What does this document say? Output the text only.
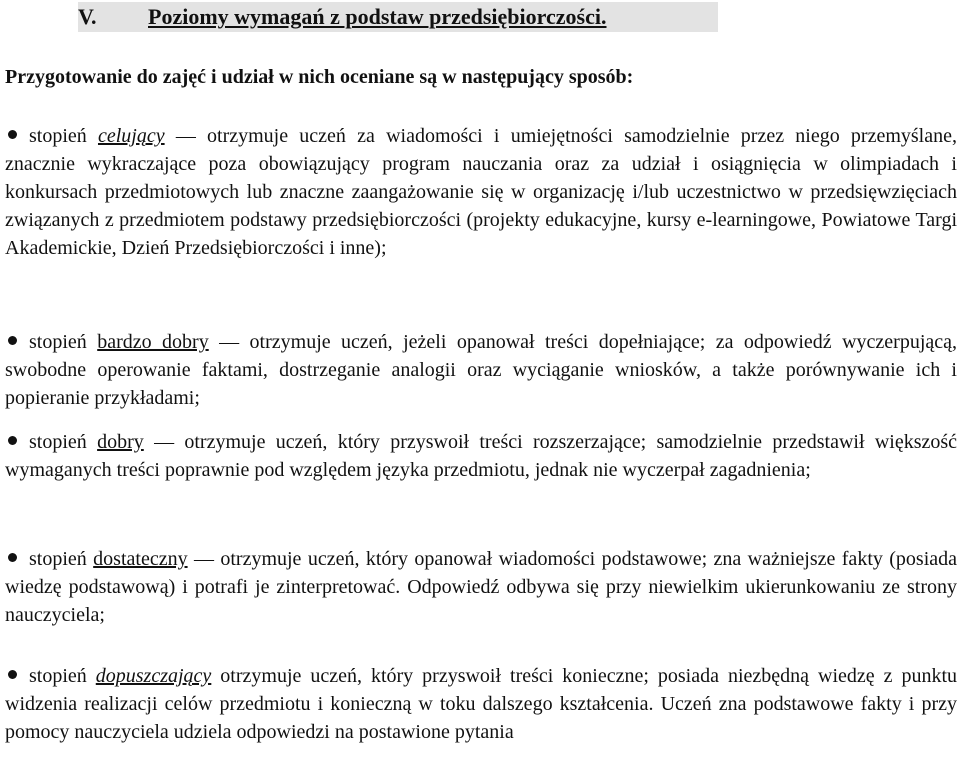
V. Poziomy wymagań z podstaw przedsiębiorczości.
Przygotowanie do zajęć i udział w nich oceniane są w następujący sposób:
stopień celujący — otrzymuje uczeń za wiadomości i umiejętności samodzielnie przez niego przemyślane, znacznie wykraczające poza obowiązujący program nauczania oraz za udział i osiągnięcia w olimpiadach i konkursach przedmiotowych lub znaczne zaangażowanie się w organizację i/lub uczestnictwo w przedsięwzięciach związanych z przedmiotem podstawy przedsiębiorczości (projekty edukacyjne, kursy e-learningowe, Powiatowe Targi Akademickie, Dzień Przedsiębiorczości i inne);
stopień bardzo dobry — otrzymuje uczeń, jeżeli opanował treści dopełniające; za odpowiedź wyczerpującą, swobodne operowanie faktami, dostrzeganie analogii oraz wyciąganie wniosków, a także porównywanie ich i popieranie przykładami;
stopień dobry — otrzymuje uczeń, który przyswoił treści rozszerzające; samodzielnie przedstawił większość wymaganych treści poprawnie pod względem języka przedmiotu, jednak nie wyczerpał zagadnienia;
stopień dostateczny — otrzymuje uczeń, który opanował wiadomości podstawowe; zna ważniejsze fakty (posiada wiedzę podstawową) i potrafi je zinterpretować. Odpowiedź odbywa się przy niewielkim ukierunkowaniu ze strony nauczyciela;
stopień dopuszczający otrzymuje uczeń, który przyswoił treści konieczne; posiada niezbędną wiedzę z punktu widzenia realizacji celów przedmiotu i konieczną w toku dalszego kształcenia. Uczeń zna podstawowe fakty i przy pomocy nauczyciela udziela odpowiedzi na postawione pytania
